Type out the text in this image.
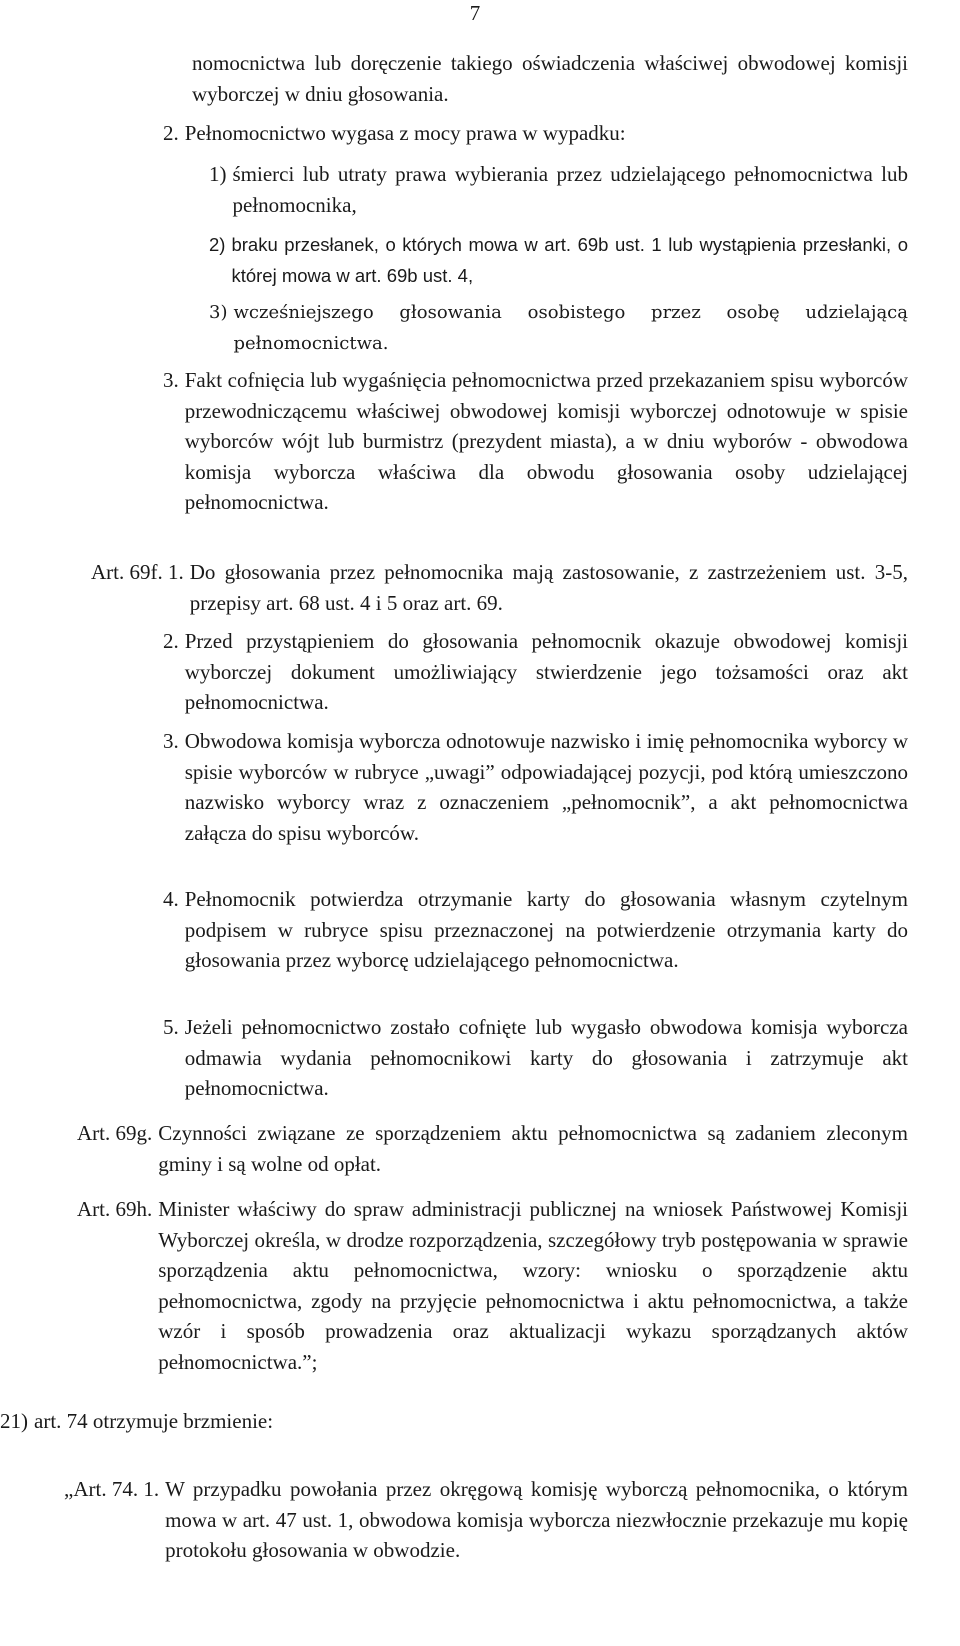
7
nomocnictwa lub doręczenie takiego oświadczenia właściwej obwodowej komisji wyborczej w dniu głosowania.
2. Pełnomocnictwo wygasa z mocy prawa w wypadku:
1) śmierci lub utraty prawa wybierania przez udzielającego pełnomocnictwa lub pełnomocnika,
2) braku przesłanek, o których mowa w art. 69b ust. 1 lub wystąpienia przesłanki, o której mowa w art. 69b ust. 4,
3) wcześniejszego głosowania osobistego przez osobę udzielającą pełnomocnictwa.
3. Fakt cofnięcia lub wygaśnięcia pełnomocnictwa przed przekazaniem spisu wyborców przewodniczącemu właściwej obwodowej komisji wyborczej odnotowuje w spisie wyborców wójt lub burmistrz (prezydent miasta), a w dniu wyborów - obwodowa komisja wyborcza właściwa dla obwodu głosowania osoby udzielającej pełnomocnictwa.
Art. 69f. 1. Do głosowania przez pełnomocnika mają zastosowanie, z zastrzeżeniem ust. 3-5, przepisy art. 68 ust. 4 i 5 oraz art. 69.
2. Przed przystąpieniem do głosowania pełnomocnik okazuje obwodowej komisji wyborczej dokument umożliwiający stwierdzenie jego tożsamości oraz akt pełnomocnictwa.
3. Obwodowa komisja wyborcza odnotowuje nazwisko i imię pełnomocnika wyborcy w spisie wyborców w rubryce „uwagi” odpowiadającej pozycji, pod którą umieszczono nazwisko wyborcy wraz z oznaczeniem „pełnomocnik”, a akt pełnomocnictwa załącza do spisu wyborców.
4. Pełnomocnik potwierdza otrzymanie karty do głosowania własnym czytelnym podpisem w rubryce spisu przeznaczonej na potwierdzenie otrzymania karty do głosowania przez wyborcę udzielającego pełnomocnictwa.
5. Jeżeli pełnomocnictwo zostało cofnięte lub wygasło obwodowa komisja wyborcza odmawia wydania pełnomocnikowi karty do głosowania i zatrzymuje akt pełnomocnictwa.
Art. 69g. Czynności związane ze sporządzeniem aktu pełnomocnictwa są zadaniem zleconym gminy i są wolne od opłat.
Art. 69h. Minister właściwy do spraw administracji publicznej na wniosek Państwowej Komisji Wyborczej określa, w drodze rozporządzenia, szczegółowy tryb postępowania w sprawie sporządzenia aktu pełnomocnictwa, wzory: wniosku o sporządzenie aktu pełnomocnictwa, zgody na przyjęcie pełnomocnictwa i aktu pełnomocnictwa, a także wzór i sposób prowadzenia oraz aktualizacji wykazu sporządzanych aktów pełnomocnictwa.”;
21) art. 74 otrzymuje brzmienie:
„Art. 74. 1. W przypadku powołania przez okręgową komisję wyborczą pełnomocnika, o którym mowa w art. 47 ust. 1, obwodowa komisja wyborcza niezwłocznie przekazuje mu kopię protokołu głosowania w obwodzie.
